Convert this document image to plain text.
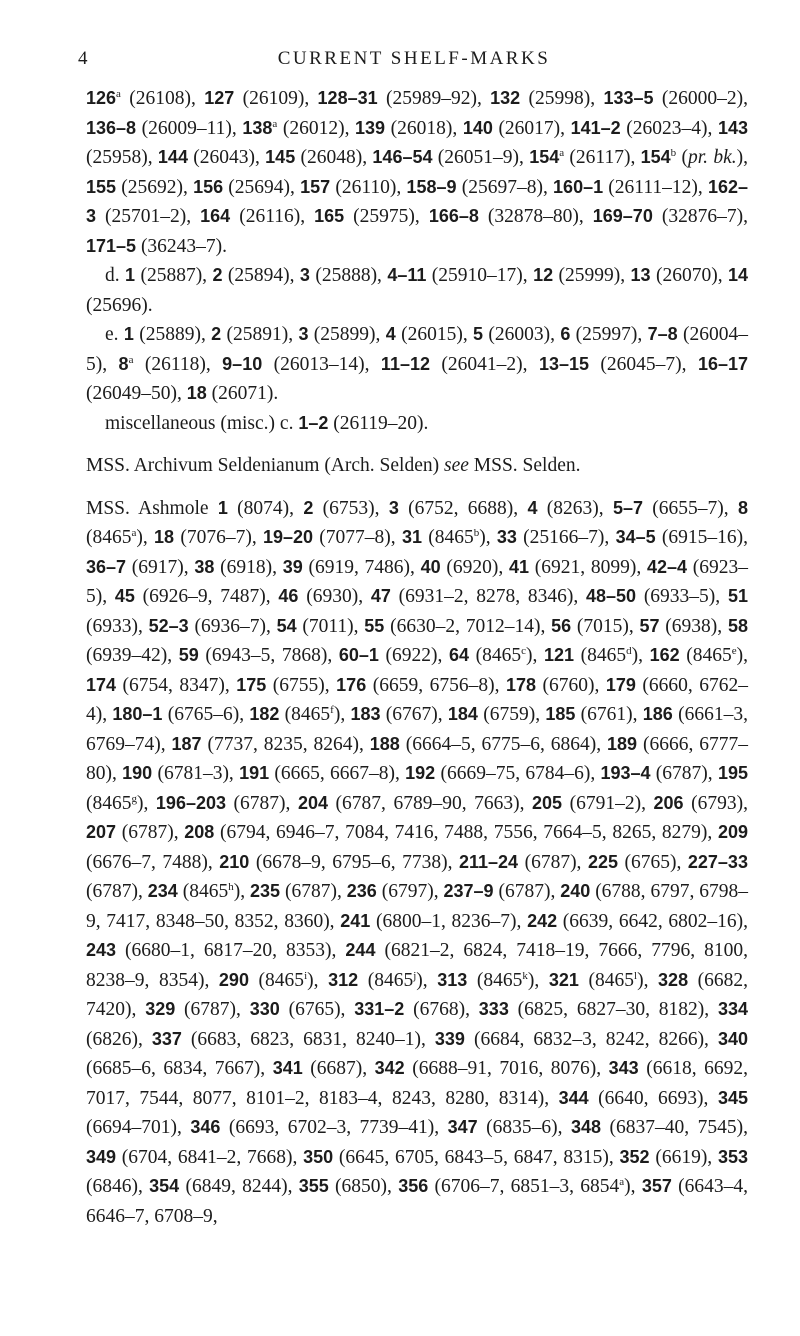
4	CURRENT SHELF-MARKS

126$^a$ (26108), 127 (26109), 128–31 (25989–92), 132 (25998), 133–5 (26000–2), 136–8 (26009–11), 138$^a$ (26012), 139 (26018), 140 (26017), 141–2 (26023–4), 143 (25958), 144 (26043), 145 (26048), 146–54 (26051–9), 154$^a$ (26117), 154$^b$ (pr. bk.), 155 (25692), 156 (25694), 157 (26110), 158–9 (25697–8), 160–1 (26111–12), 162–3 (25701–2), 164 (26116), 165 (25975), 166–8 (32878–80), 169–70 (32876–7), 171–5 (36243–7).

d. 1 (25887), 2 (25894), 3 (25888), 4–11 (25910–17), 12 (25999), 13 (26070), 14 (25696).

e. 1 (25889), 2 (25891), 3 (25899), 4 (26015), 5 (26003), 6 (25997), 7–8 (26004–5), 8$^a$ (26118), 9–10 (26013–14), 11–12 (26041–2), 13–15 (26045–7), 16–17 (26049–50), 18 (26071).

miscellaneous (misc.) c. 1–2 (26119–20).

MSS. Archivum Seldenianum (Arch. Selden) see MSS. Selden.

MSS. Ashmole 1 (8074), 2 (6753), 3 (6752, 6688), 4 (8263), 5–7 (6655–7), 8 (8465$^a$), 18 (7076–7), 19–20 (7077–8), 31 (8465$^b$), 33 (25166–7), 34–5 (6915–16), 36–7 (6917), 38 (6918), 39 (6919, 7486), 40 (6920), 41 (6921, 8099), 42–4 (6923–5), 45 (6926–9, 7487), 46 (6930), 47 (6931–2, 8278, 8346), 48–50 (6933–5), 51 (6933), 52–3 (6936–7), 54 (7011), 55 (6630–2, 7012–14), 56 (7015), 57 (6938), 58 (6939–42), 59 (6943–5, 7868), 60–1 (6922), 64 (8465$^c$), 121 (8465$^d$), 162 (8465e), 174 (6754, 8347), 175 (6755), 176 (6659, 6756–8), 178 (6760), 179 (6660, 6762–4), 180–1 (6765–6), 182 (8465$^f$), 183 (6767), 184 (6759), 185 (6761), 186 (6661–3, 6769–74), 187 (7737, 8235, 8264), 188 (6664–5, 6775–6, 6864), 189 (6666, 6777–80), 190 (6781–3), 191 (6665, 6667–8), 192 (6669–75, 6784–6), 193–4 (6787), 195 (8465$^g$), 196–203 (6787), 204 (6787, 6789–90, 7663), 205 (6791–2), 206 (6793), 207 (6787), 208 (6794, 6946–7, 7084, 7416, 7488, 7556, 7664–5, 8265, 8279), 209 (6676–7, 7488), 210 (6678–9, 6795–6, 7738), 211–24 (6787), 225 (6765), 227–33 (6787), 234 (8465$^h$), 235 (6787), 236 (6797), 237–9 (6787), 240 (6788, 6797, 6798–9, 7417, 8348–50, 8352, 8360), 241 (6800–1, 8236–7), 242 (6639, 6642, 6802–16), 243 (6680–1, 6817–20, 8353), 244 (6821–2, 6824, 7418–19, 7666, 7796, 8100, 8238–9, 8354), 290 (8465$^i$), 312 (8465$^j$), 313 (8465$^k$), 321 (8465$^l$), 328 (6682, 7420), 329 (6787), 330 (6765), 331–2 (6768), 333 (6825, 6827–30, 8182), 334 (6826), 337 (6683, 6823, 6831, 8240–1), 339 (6684, 6832–3, 8242, 8266), 340 (6685–6, 6834, 7667), 341 (6687), 342 (6688–91, 7016, 8076), 343 (6618, 6692, 7017, 7544, 8077, 8101–2, 8183–4, 8243, 8280, 8314), 344 (6640, 6693), 345 (6694–701), 346 (6693, 6702–3, 7739–41), 347 (6835–6), 348 (6837–40, 7545), 349 (6704, 6841–2, 7668), 350 (6645, 6705, 6843–5, 6847, 8315), 352 (6619), 353 (6846), 354 (6849, 8244), 355 (6850), 356 (6706–7, 6851–3, 6854$^a$), 357 (6643–4, 6646–7, 6708–9,
